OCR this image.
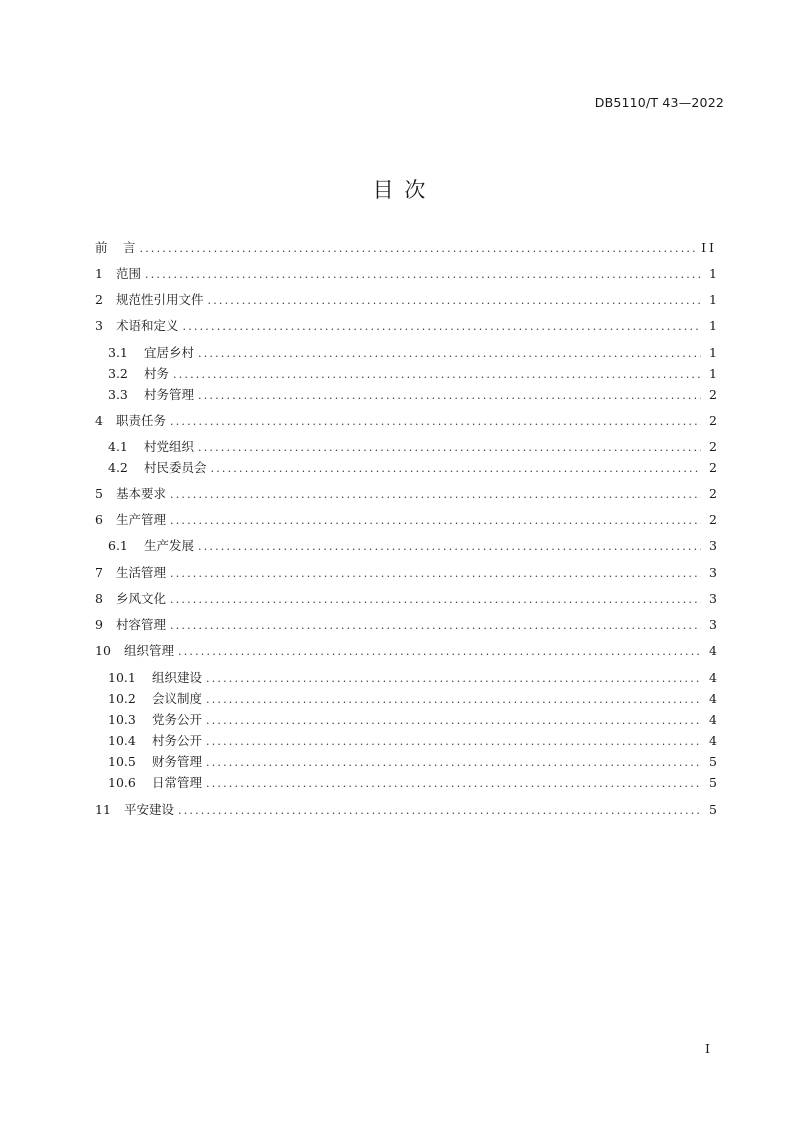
DB5110/T 43—2022
目 次
前	言 .....	II
1	范围 .....	1
2	规范性引用文件 .....	1
3	术语和定义 .....	1
3.1	宜居乡村 .....	1
3.2	村务 .....	1
3.3	村务管理 .....	2
4	职责任务 .....	2
4.1	村党组织 .....	2
4.2	村民委员会 .....	2
5	基本要求 .....	2
6	生产管理 .....	2
6.1	生产发展 .....	3
7	生活管理 .....	3
8	乡风文化 .....	3
9	村容管理 .....	3
10	组织管理 .....	4
10.1	组织建设 .....	4
10.2	会议制度 .....	4
10.3	党务公开 .....	4
10.4	村务公开 .....	4
10.5	财务管理 .....	5
10.6	日常管理 .....	5
11	平安建设 .....	5
I
